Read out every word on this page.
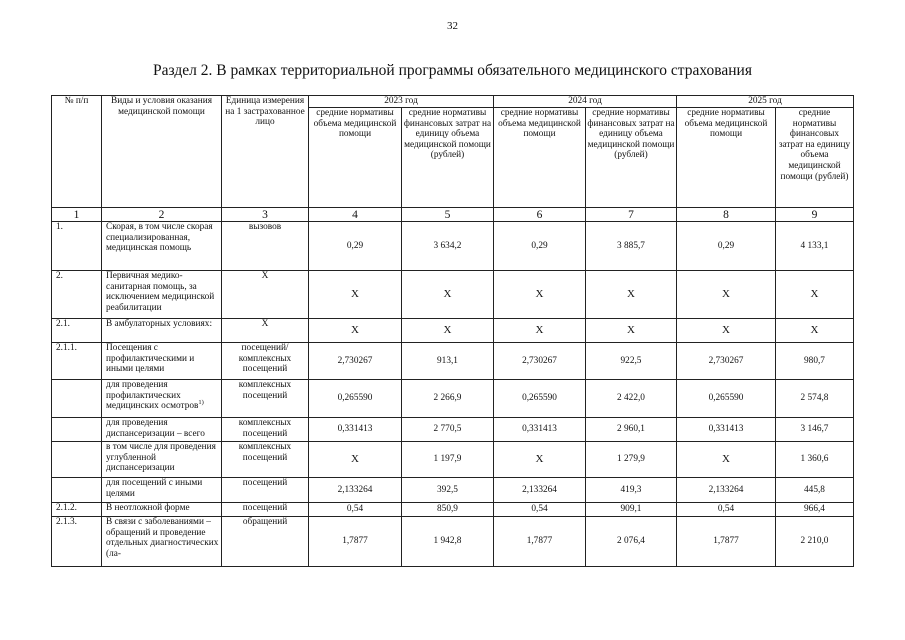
32
Раздел 2. В рамках территориальной программы обязательного медицинского страхования
№ п/п	Виды и условия оказания медицинской помощи	Единица измерения на 1 застрахованное лицо	2023 год		2024 год		2025 год	
			средние нормативы объема медицинской помощи	средние нормативы финансовых затрат на единицу объема медицинской помощи (рублей)	средние нормативы объема медицинской помощи	средние нормативы финансовых затрат на единицу объема медицинской помощи (рублей)	средние нормативы объема медицинской помощи	средние нормативы финансовых затрат на единицу объема медицинской помощи (рублей)
1	2	3	4	5	6	7	8	9
1.	Скорая, в том числе скорая специализированная, медицинская помощь	вызовов	0,29	3 634,2	0,29	3 885,7	0,29	4 133,1
2.	Первичная медико-санитарная помощь, за исключением медицинской реабилитации	Х	Х	Х	Х	Х	Х	Х
2.1.	В амбулаторных условиях:	Х	Х	Х	Х	Х	Х	Х
2.1.1.	Посещения с профилактическими и иными целями	посещений/ комплексных посещений	2,730267	913,1	2,730267	922,5	2,730267	980,7
	для проведения профилактических медицинских осмотров$^{1)}$	комплексных посещений	0,265590	2 266,9	0,265590	2 422,0	0,265590	2 574,8
	для проведения диспансеризации – всего	комплексных посещений	0,331413	2 770,5	0,331413	2 960,1	0,331413	3 146,7
	в том числе для проведения углубленной диспансеризации	комплексных посещений	Х	1 197,9	Х	1 279,9	Х	1 360,6
	для посещений с иными целями	посещений	2,133264	392,5	2,133264	419,3	2,133264	445,8
2.1.2.	В неотложной форме	посещений	0,54	850,9	0,54	909,1	0,54	966,4
2.1.3.	В связи с заболеваниями – обращений и проведение отдельных диагностических (ла-	обращений	1,7877	1 942,8	1,7877	2 076,4	1,7877	2 210,0
